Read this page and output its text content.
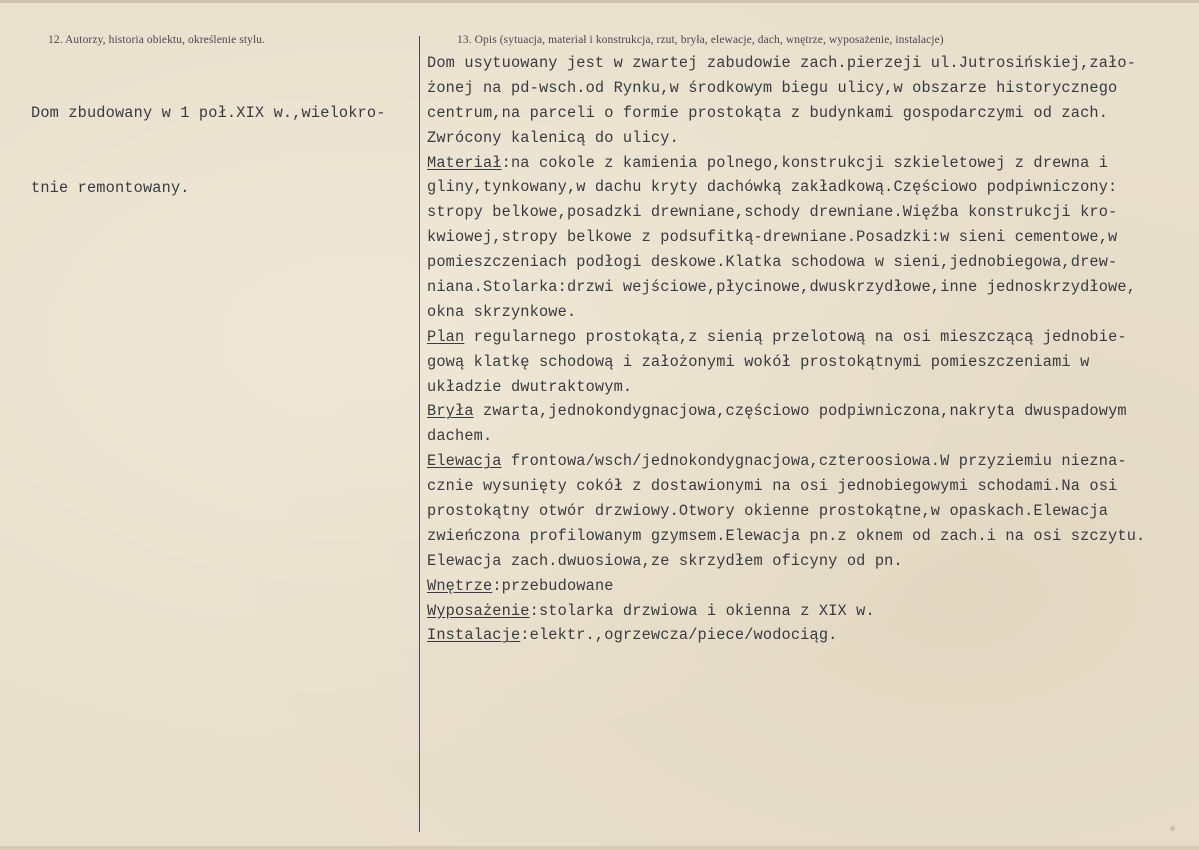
12. Autorzy, historia obiektu, określenie stylu.	13. Opis (sytuacja, materiał i konstrukcja, rzut, bryła, elewacje, dach, wnętrze, wyposażenie, instalacje)

Dom zbudowany w 1 poł.XIX w.,wielokro-

tnie remontowany.

Dom usytuowany jest w zwartej zabudowie zach.pierzeji ul.Jutrosińskiej,zało-
żonej na pd-wsch.od Rynku,w środkowym biegu ulicy,w obszarze historycznego
centrum,na parceli o formie prostokąta z budynkami gospodarczymi od zach.
Zwrócony kalenicą do ulicy.
Materiał:na cokole z kamienia polnego,konstrukcji szkieletowej z drewna i
gliny,tynkowany,w dachu kryty dachówką zakładkową.Częściowo podpiwniczony:
stropy belkowe,posadzki drewniane,schody drewniane.Więźba konstrukcji kro-
kwiowej,stropy belkowe z podsufitką-drewniane.Posadzki:w sieni cementowe,w
pomieszczeniach podłogi deskowe.Klatka schodowa w sieni,jednobiegowa,drew-
niana.Stolarka:drzwi wejściowe,płycinowe,dwuskrzydłowe,inne jednoskrzydłowe,
okna skrzynkowe.
Plan regularnego prostokąta,z sienią przelotową na osi mieszczącą jednobie-
gową klatkę schodową i założonymi wokół prostokątnymi pomieszczeniami w
układzie dwutraktowym.
Bryła zwarta,jednokondygnacjowa,częściowo podpiwniczona,nakryta dwuspadowym
dachem.
Elewacja frontowa/wsch/jednokondygnacjowa,czteroosiowa.W przyziemiu niezna-
cznie wysunięty cokół z dostawionymi na osi jednobiegowymi schodami.Na osi
prostokątny otwór drzwiowy.Otwory okienne prostokątne,w opaskach.Elewacja
zwieńczona profilowanym gzymsem.Elewacja pn.z oknem od zach.i na osi szczytu.
Elewacja zach.dwuosiowa,ze skrzydłem oficyny od pn.
Wnętrze:przebudowane
Wyposażenie:stolarka drzwiowa i okienna z XIX w.
Instalacje:elektr.,ogrzewcza/piece/wodociąg.
